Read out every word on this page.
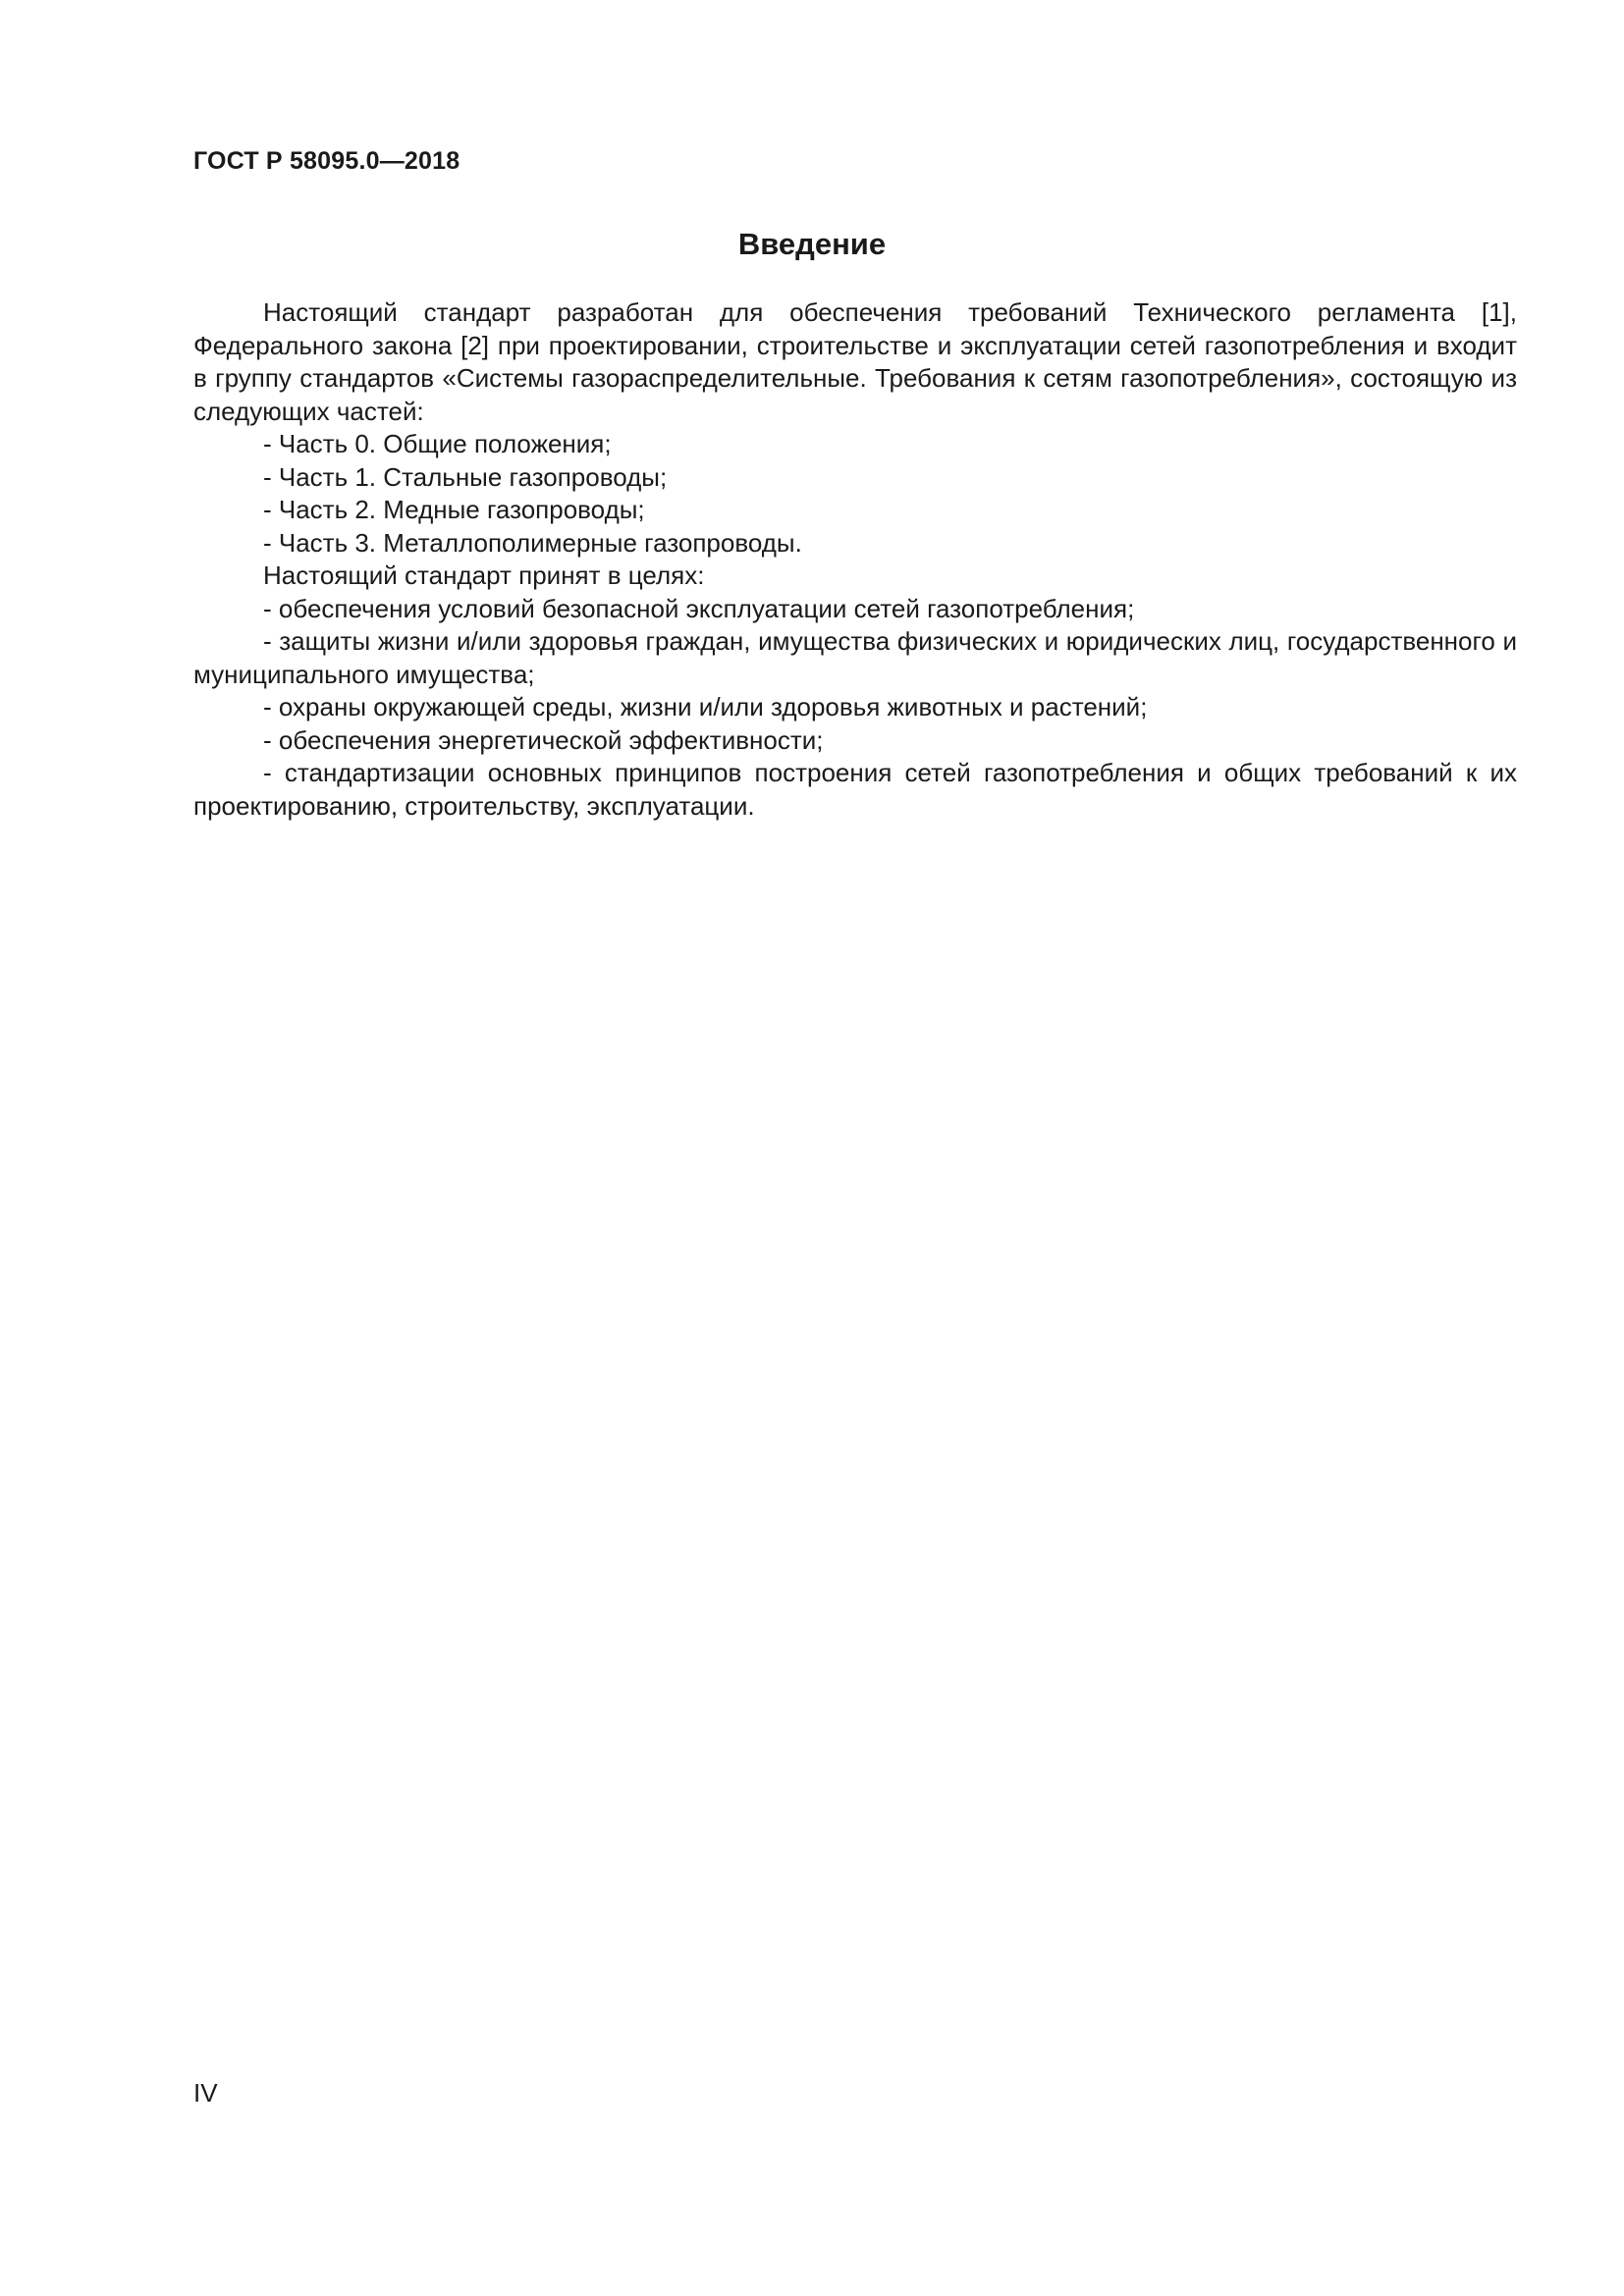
ГОСТ Р 58095.0—2018
Введение

Настоящий стандарт разработан для обеспечения требований Технического регламента [1], Федерального закона [2] при проектировании, строительстве и эксплуатации сетей газопотребления и входит в группу стандартов «Системы газораспределительные. Требования к сетям газопотребления», состоящую из следующих частей:

- Часть 0. Общие положения;

- Часть 1. Стальные газопроводы;

- Часть 2. Медные газопроводы;

- Часть 3. Металлополимерные газопроводы.

Настоящий стандарт принят в целях:

- обеспечения условий безопасной эксплуатации сетей газопотребления;

- защиты жизни и/или здоровья граждан, имущества физических и юридических лиц, государственного и муниципального имущества;

- охраны окружающей среды, жизни и/или здоровья животных и растений;

- обеспечения энергетической эффективности;

- стандартизации основных принципов построения сетей газопотребления и общих требований к их проектированию, строительству, эксплуатации.

IV
